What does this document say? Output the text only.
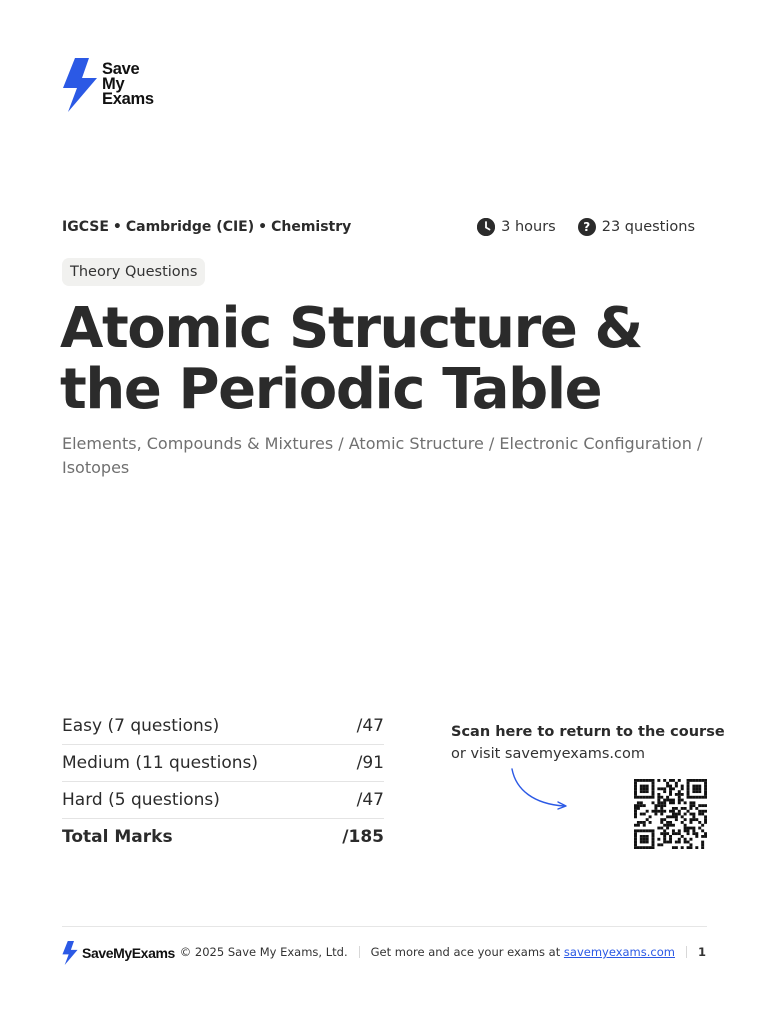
Save
My
Exams
IGCSE • Cambridge (CIE) • Chemistry	3 hours	? 23 questions
Theory Questions
Atomic Structure &
the Periodic Table
Elements, Compounds & Mixtures / Atomic Structure / Electronic Configuration / Isotopes
Easy (7 questions)	/47
Medium (11 questions)	/91
Hard (5 questions)	/47
Total Marks	/185
Scan here to return to the course
or visit savemyexams.com
SaveMyExams © 2025 Save My Exams, Ltd. Get more and ace your exams at savemyexams.com 1
